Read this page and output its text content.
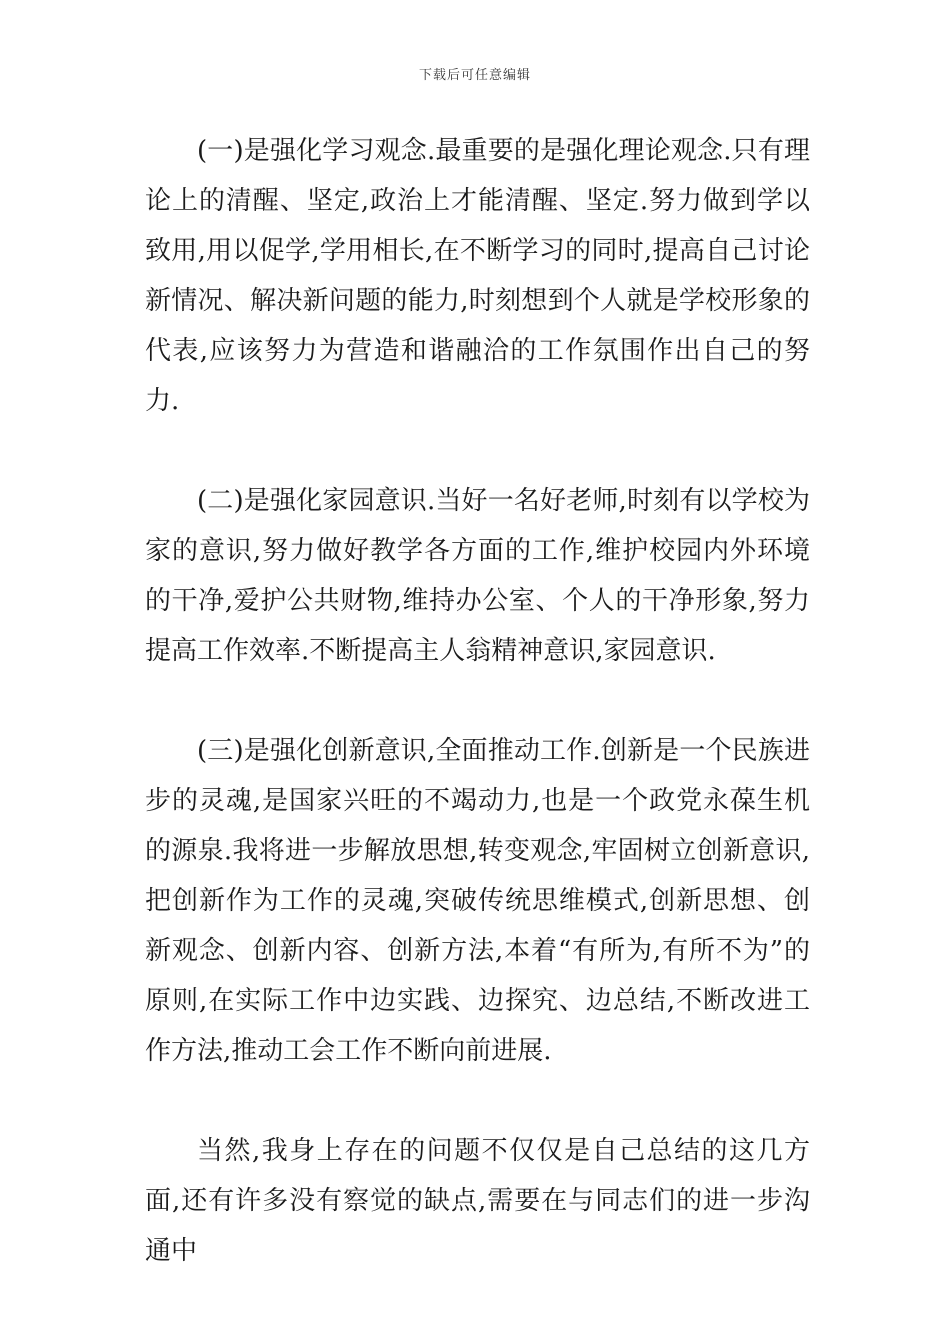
下载后可任意编辑

(一)是强化学习观念.最重要的是强化理论观念.只有理论上的清醒、坚定,政治上才能清醒、坚定.努力做到学以致用,用以促学,学用相长,在不断学习的同时,提高自己讨论新情况、解决新问题的能力,时刻想到个人就是学校形象的代表,应该努力为营造和谐融洽的工作氛围作出自己的努力.

(二)是强化家园意识.当好一名好老师,时刻有以学校为家的意识,努力做好教学各方面的工作,维护校园内外环境的干净,爱护公共财物,维持办公室、个人的干净形象,努力提高工作效率.不断提高主人翁精神意识,家园意识.

(三)是强化创新意识,全面推动工作.创新是一个民族进步的灵魂,是国家兴旺的不竭动力,也是一个政党永葆生机的源泉.我将进一步解放思想,转变观念,牢固树立创新意识,把创新作为工作的灵魂,突破传统思维模式,创新思想、创新观念、创新内容、创新方法,本着“有所为,有所不为”的原则,在实际工作中边实践、边探究、边总结,不断改进工作方法,推动工会工作不断向前进展.

当然,我身上存在的问题不仅仅是自己总结的这几方面,还有许多没有察觉的缺点,需要在与同志们的进一步沟通中
